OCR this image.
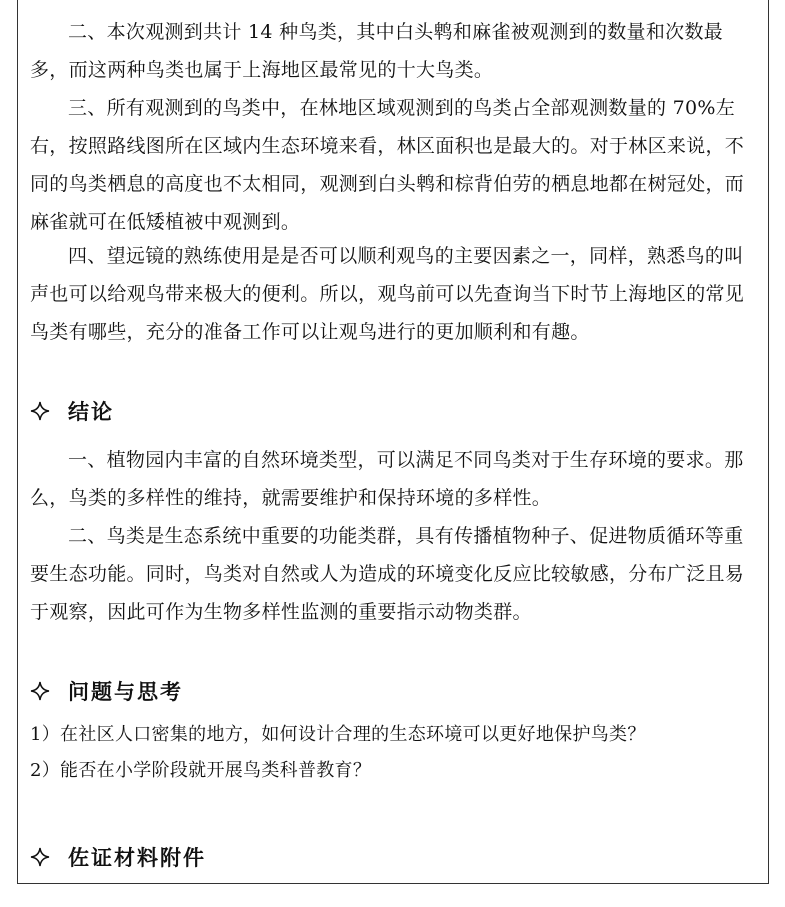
二、本次观测到共计 14 种鸟类，其中白头鹎和麻雀被观测到的数量和次数最多，而这两种鸟类也属于上海地区最常见的十大鸟类。

三、所有观测到的鸟类中，在林地区域观测到的鸟类占全部观测数量的 70%左右，按照路线图所在区域内生态环境来看，林区面积也是最大的。对于林区来说，不同的鸟类栖息的高度也不太相同，观测到白头鹎和棕背伯劳的栖息地都在树冠处，而麻雀就可在低矮植被中观测到。

四、望远镜的熟练使用是是否可以顺利观鸟的主要因素之一，同样，熟悉鸟的叫声也可以给观鸟带来极大的便利。所以，观鸟前可以先查询当下时节上海地区的常见鸟类有哪些，充分的准备工作可以让观鸟进行的更加顺利和有趣。

结论

一、植物园内丰富的自然环境类型，可以满足不同鸟类对于生存环境的要求。那么，鸟类的多样性的维持，就需要维护和保持环境的多样性。

二、鸟类是生态系统中重要的功能类群，具有传播植物种子、促进物质循环等重要生态功能。同时，鸟类对自然或人为造成的环境变化反应比较敏感，分布广泛且易于观察，因此可作为生物多样性监测的重要指示动物类群。

问题与思考

1）在社区人口密集的地方，如何设计合理的生态环境可以更好地保护鸟类？

2）能否在小学阶段就开展鸟类科普教育？

佐证材料附件
